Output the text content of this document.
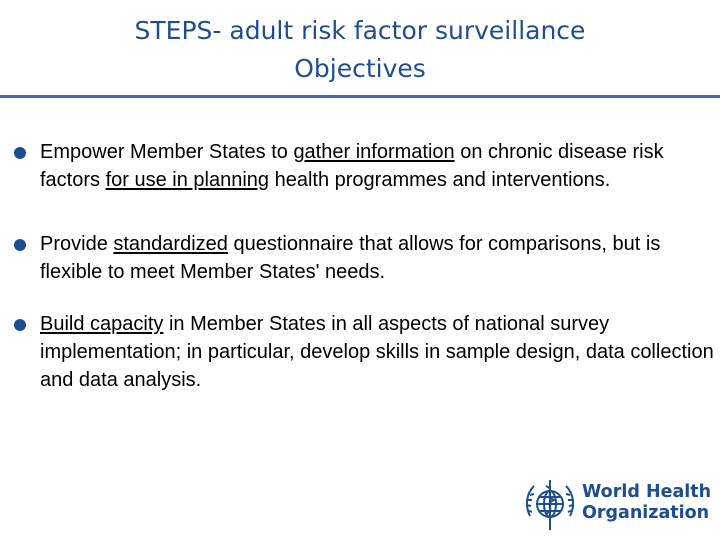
STEPS- adult risk factor surveillance
Objectives
Empower Member States to gather information on chronic disease risk factors for use in planning health programmes and interventions.
Provide standardized questionnaire that allows for comparisons, but is flexible to meet Member States' needs.
Build capacity in Member States in all aspects of national survey implementation; in particular, develop skills in sample design, data collection and data analysis.
World Health
Organization
